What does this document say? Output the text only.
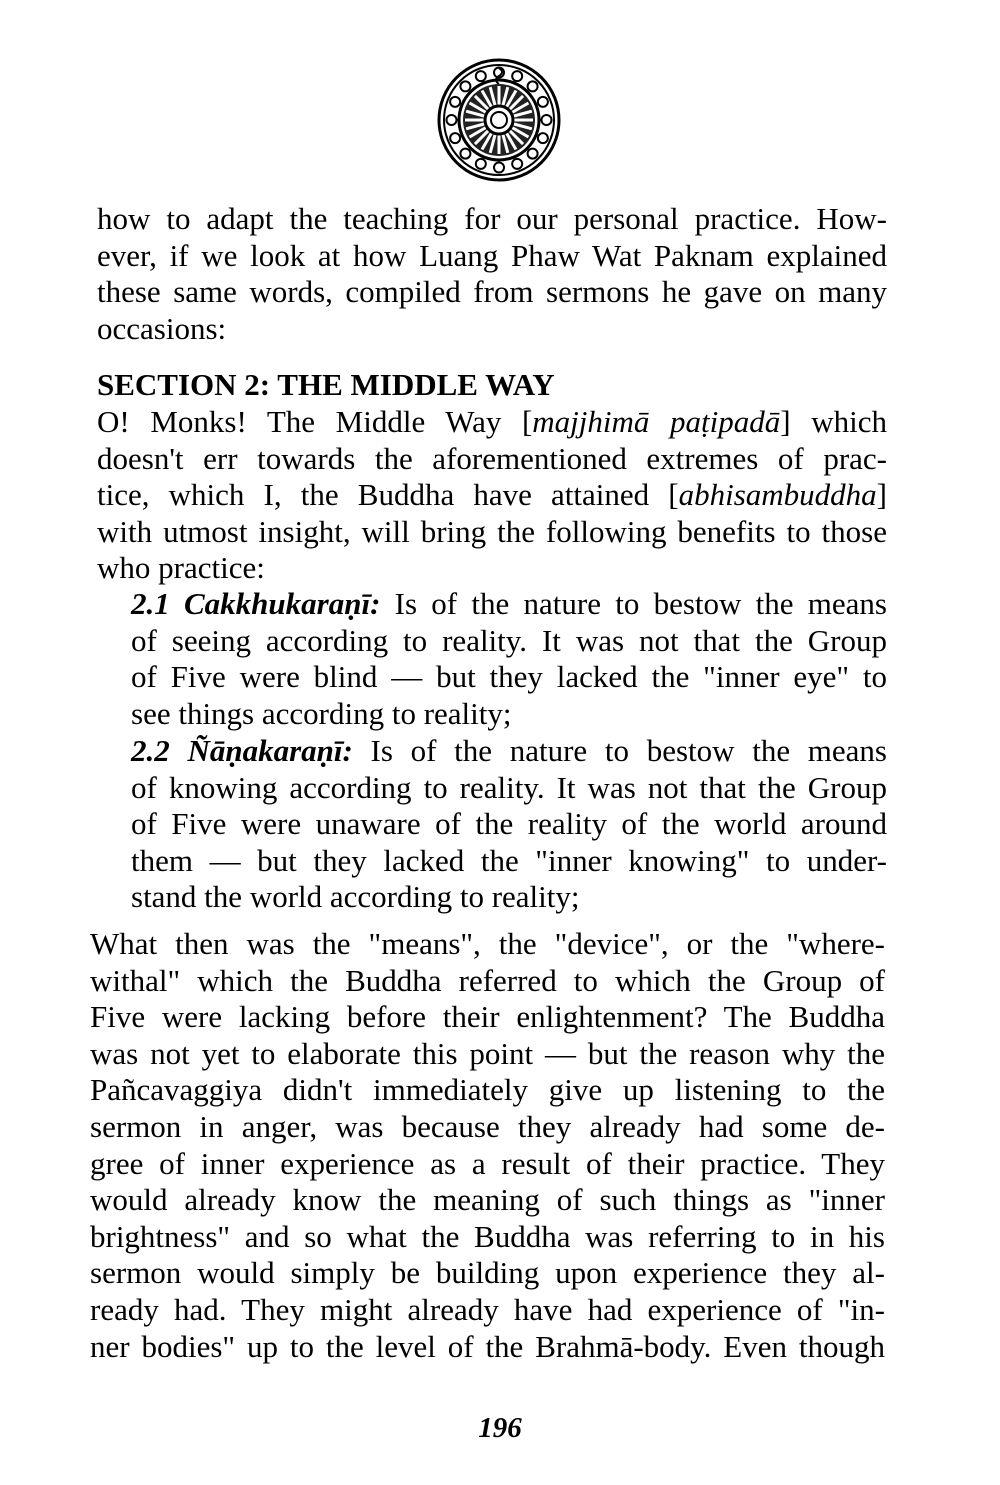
how to adapt the teaching for our personal practice. How-
ever, if we look at how Luang Phaw Wat Paknam explained
these same words, compiled from sermons he gave on many
occasions:
SECTION 2: THE MIDDLE WAY
O! Monks! The Middle Way [majjhimā paṭipadā] which
doesn't err towards the aforementioned extremes of prac-
tice, which I, the Buddha have attained [abhisambuddha]
with utmost insight, will bring the following benefits to those
who practice:
2.1 Cakkhukaraṇī: Is of the nature to bestow the means
of seeing according to reality. It was not that the Group
of Five were blind — but they lacked the "inner eye" to
see things according to reality;
2.2 Ñāṇakaraṇī: Is of the nature to bestow the means
of knowing according to reality. It was not that the Group
of Five were unaware of the reality of the world around
them — but they lacked the "inner knowing" to under-
stand the world according to reality;
What then was the "means", the "device", or the "where-
withal" which the Buddha referred to which the Group of
Five were lacking before their enlightenment? The Buddha
was not yet to elaborate this point — but the reason why the
Pañcavaggiya didn't immediately give up listening to the
sermon in anger, was because they already had some de-
gree of inner experience as a result of their practice. They
would already know the meaning of such things as "inner
brightness" and so what the Buddha was referring to in his
sermon would simply be building upon experience they al-
ready had. They might already have had experience of "in-
ner bodies" up to the level of the Brahmā-body. Even though
196
